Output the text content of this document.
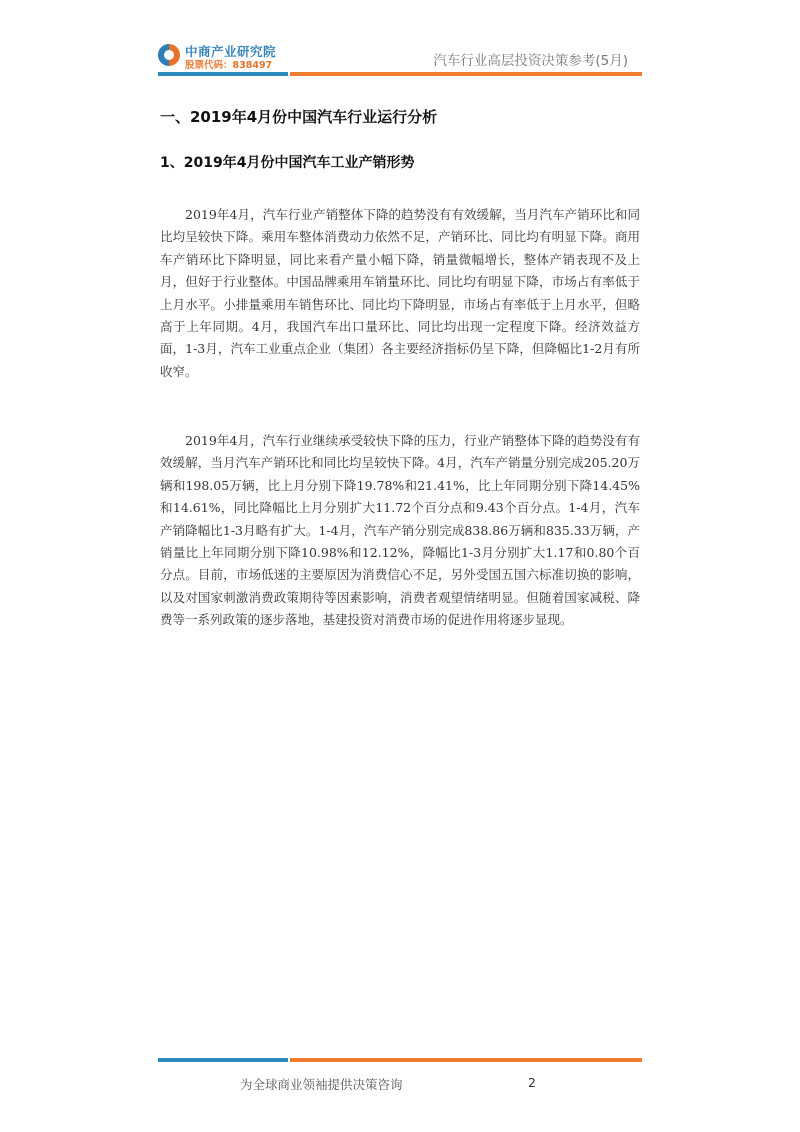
中商产业研究院
股票代码：838497	汽车行业高层投资决策参考(5月)
一、2019年4月份中国汽车行业运行分析
1、2019年4月份中国汽车工业产销形势

2019年4月，汽车行业产销整体下降的趋势没有有效缓解，当月汽车产销环比和同比均呈较快下降。乘用车整体消费动力依然不足，产销环比、同比均有明显下降。商用车产销环比下降明显，同比来看产量小幅下降，销量微幅增长，整体产销表现不及上月，但好于行业整体。中国品牌乘用车销量环比、同比均有明显下降，市场占有率低于上月水平。小排量乘用车销售环比、同比均下降明显，市场占有率低于上月水平，但略高于上年同期。4月，我国汽车出口量环比、同比均出现一定程度下降。经济效益方面，1-3月，汽车工业重点企业（集团）各主要经济指标仍呈下降，但降幅比1-2月有所收窄。

2019年4月，汽车行业继续承受较快下降的压力，行业产销整体下降的趋势没有有效缓解，当月汽车产销环比和同比均呈较快下降。4月，汽车产销量分别完成205.20万辆和198.05万辆，比上月分别下降19.78%和21.41%，比上年同期分别下降14.45%和14.61%，同比降幅比上月分别扩大11.72个百分点和9.43个百分点。1-4月，汽车产销降幅比1-3月略有扩大。1-4月，汽车产销分别完成838.86万辆和835.33万辆，产销量比上年同期分别下降10.98%和12.12%，降幅比1-3月分别扩大1.17和0.80个百分点。目前，市场低迷的主要原因为消费信心不足，另外受国五国六标准切换的影响，以及对国家刺激消费政策期待等因素影响，消费者观望情绪明显。但随着国家减税、降费等一系列政策的逐步落地，基建投资对消费市场的促进作用将逐步显现。

为全球商业领袖提供决策咨询	2
